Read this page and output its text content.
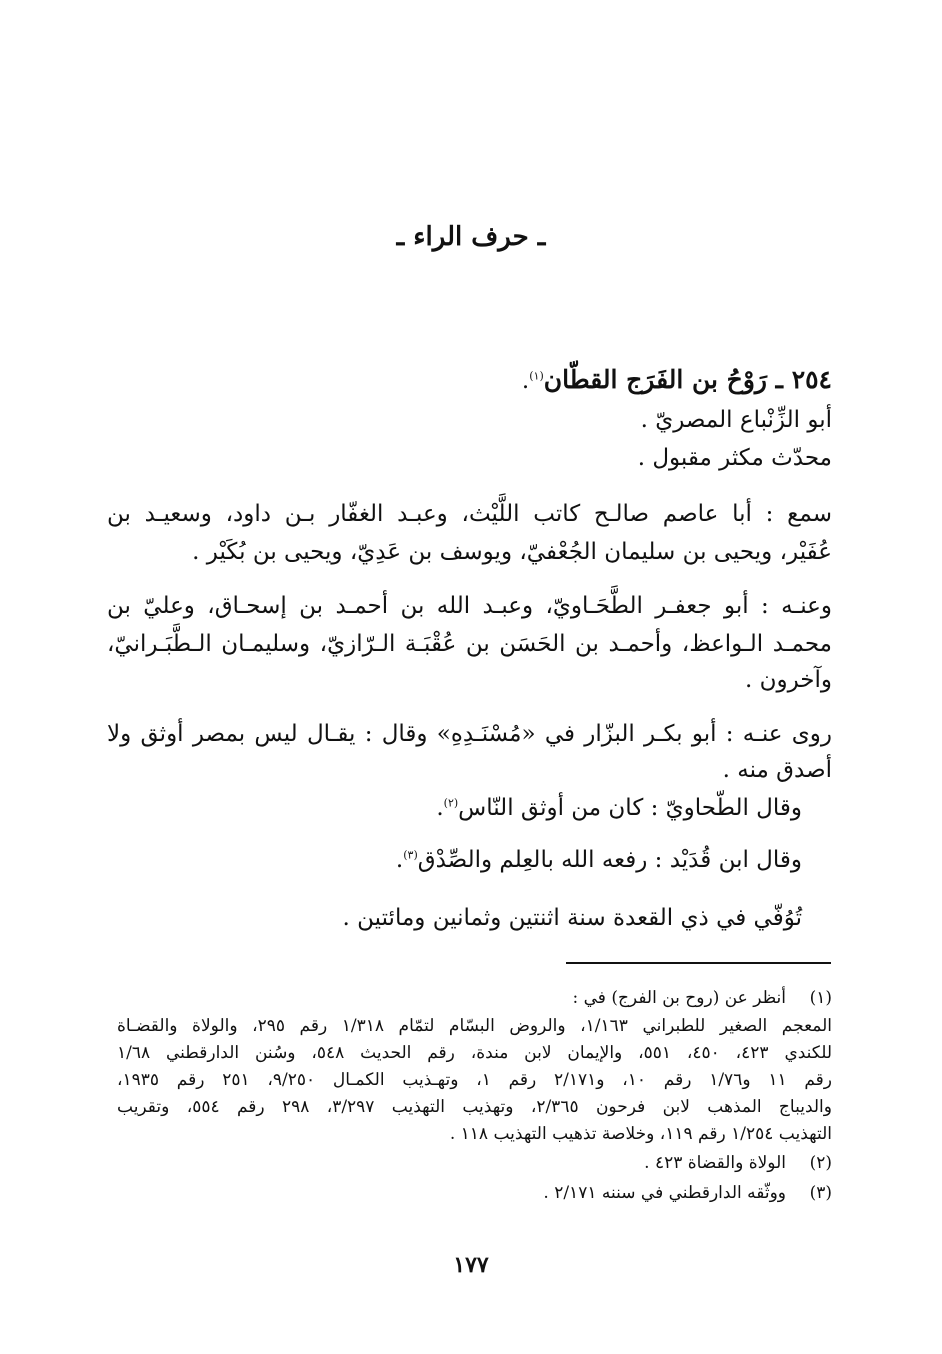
ـ حرف الراء ـ
٢٥٤ ـ رَوْحُ بن الفَرَج القطّان$^{(١)}$.
أبو الزِّنْباع المصريّ .
محدّث مكثر مقبول .
سمع : أبا عاصم صالـح كاتب اللَّيْث، وعبـد الغفّار بـن داود، وسعيـد بن
عُفَيْر، ويحيى بن سليمان الجُعْفيّ، ويوسف بن عَدِيّ، ويحيى بن بُكَيْر .
وعنـه : أبو جعفـر الطَّحَـاويّ، وعبـد الله بن أحمـد بن إسحـاق، وعليّ بن
محمـد الـواعظ، وأحمـد بن الحَسَن بن عُقْبَـة الـرّازيّ، وسليمـان الـطَّبَـرانيّ،
وآخرون .
روى عنـه : أبو بكـر البزّار في «مُسْنَـدِهِ» وقال : يقـال ليس بمصر أوثق ولا
أصدق منه .
وقال الطّحاويّ : كان من أوثق النّاس$^{(٢)}$.
وقال ابن قُدَيْد : رفعه الله بالعِلم والصِّدْق$^{(٣)}$.
تُوُفّي في ذي القعدة سنة اثنتين وثمانين ومائتين .
(١)أنظر عن (روح بن الفرج) في :
المعجم الصغير للطبراني ١/١٦٣، والروض البسّام لتمّام ١/٣١٨ رقم ٢٩٥، والولاة والقضـاة
للكندي ٤٢٣، ٤٥٠، ٥٥١، والإيمان لابن مندة، رقم الحديث ٥٤٨، وسُنن الدارقطني ١/٦٨
رقم ١١ و١/٧٦ رقم ١٠، و٢/١٧١ رقم ١، وتهـذيب الكمـال ٩/٢٥٠، ٢٥١ رقم ١٩٣٥،
والديباج المذهب لابن فرحون ٢/٣٦٥، وتهذيب التهذيب ٣/٢٩٧، ٢٩٨ رقم ٥٥٤، وتقريب
التهذيب ١/٢٥٤ رقم ١١٩، وخلاصة تذهيب التهذيب ١١٨ .
(٢)الولاة والقضاة ٤٢٣ .
(٣)ووثّقه الدارقطني في سننه ٢/١٧١ .
١٧٧
